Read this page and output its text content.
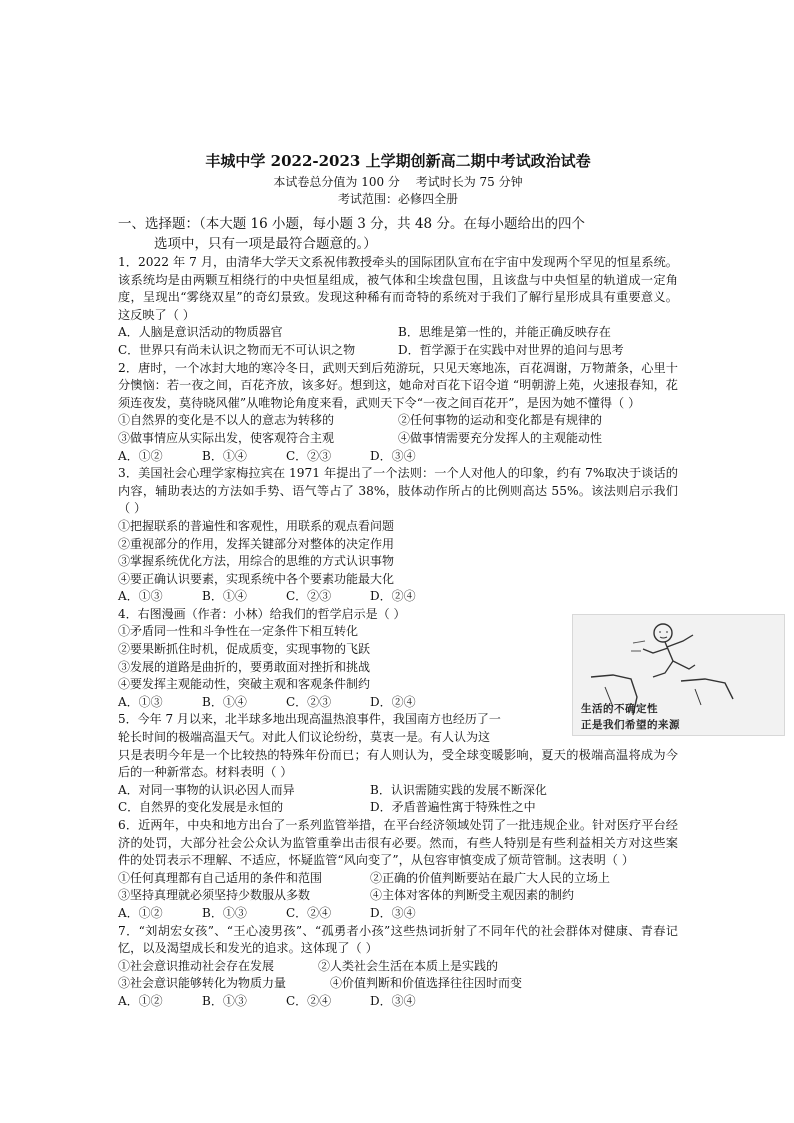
丰城中学 2022-2023 上学期创新高二期中考试政治试卷
本试卷总分值为 100 分　 考试时长为 75 分钟
考试范围：必修四全册
一、选择题：（本大题 16 小题，每小题 3 分，共 48 分。在每小题给出的四个
选项中，只有一项是最符合题意的。）
1．2022 年 7 月，由清华大学天文系祝伟教授牵头的国际团队宣布在宇宙中发现两个罕见的恒星系统。该系统均是由两颗互相绕行的中央恒星组成，被气体和尘埃盘包围，且该盘与中央恒星的轨道成一定角度，呈现出“雾绕双星”的奇幻景致。发现这种稀有而奇特的系统对于我们了解行星形成具有重要意义。这反映了（ ）
A．人脑是意识活动的物质器官	B．思维是第一性的，并能正确反映存在
C．世界只有尚未认识之物而无不可认识之物	D．哲学源于在实践中对世界的追问与思考
2．唐时，一个冰封大地的寒冷冬日，武则天到后苑游玩，只见天寒地冻，百花凋谢，万物萧条，心里十分懊恼：若一夜之间，百花齐放，该多好。想到这，她命对百花下诏令道 “明朝游上苑，火速报春知，花须连夜发，莫待晓风催”从唯物论角度来看，武则天下令“一夜之间百花开”，是因为她不懂得（ ）
①自然界的变化是不以人的意志为转移的	②任何事物的运动和变化都是有规律的
③做事情应从实际出发，使客观符合主观	④做事情需要充分发挥人的主观能动性
A．①②	B．①④	C．②③	D．③④
3．美国社会心理学家梅拉宾在 1971 年提出了一个法则：一个人对他人的印象，约有 7%取决于谈话的内容，辅助表达的方法如手势、语气等占了 38%，肢体动作所占的比例则高达 55%。该法则启示我们（ ）
①把握联系的普遍性和客观性，用联系的观点看问题
②重视部分的作用，发挥关键部分对整体的决定作用
③掌握系统优化方法，用综合的思维的方式认识事物
④要正确认识要素，实现系统中各个要素功能最大化
A．①③	B．①④	C．②③	D．②④
4．右图漫画（作者：小林）给我们的哲学启示是（ ）
①矛盾同一性和斗争性在一定条件下相互转化
②要果断抓住时机，促成质变，实现事物的飞跃
③发展的道路是曲折的，要勇敢面对挫折和挑战
④要发挥主观能动性，突破主观和客观条件制约
A．①③	B．①④	C．②③	D．②④
5．今年 7 月以来，北半球多地出现高温热浪事件，我国南方也经历了一
轮长时间的极端高温天气。对此人们议论纷纷，莫衷一是。有人认为这
只是表明今年是一个比较热的特殊年份而已；有人则认为，受全球变暖影响，夏天的极端高温将成为今后的一种新常态。材料表明（ ）
A．对同一事物的认识必因人而异	B．认识需随实践的发展不断深化
C．自然界的变化发展是永恒的	D．矛盾普遍性寓于特殊性之中
6．近两年，中央和地方出台了一系列监管举措，在平台经济领域处罚了一批违规企业。针对医疗平台经济的处罚，大部分社会公众认为监管重拳出击很有必要。然而，有些人特别是有些利益相关方对这些案件的处罚表示不理解、不适应，怀疑监管“风向变了”，从包容审慎变成了烦苛管制。这表明（ ）
①任何真理都有自己适用的条件和范围	②正确的价值判断要站在最广大人民的立场上
③坚持真理就必须坚持少数服从多数	④主体对客体的判断受主观因素的制约
A．①②	B．①③	C．②④	D．③④
7．“刘胡宏女孩”、“王心凌男孩”、“孤勇者小孩”这些热词折射了不同年代的社会群体对健康、青春记忆，以及渴望成长和发光的追求。这体现了（ ）
①社会意识推动社会存在发展	②人类社会生活在本质上是实践的
③社会意识能够转化为物质力量	④价值判断和价值选择往往因时而变
A．①②	B．①③	C．②④	D．③④
生活的不确定性
正是我们希望的来源
